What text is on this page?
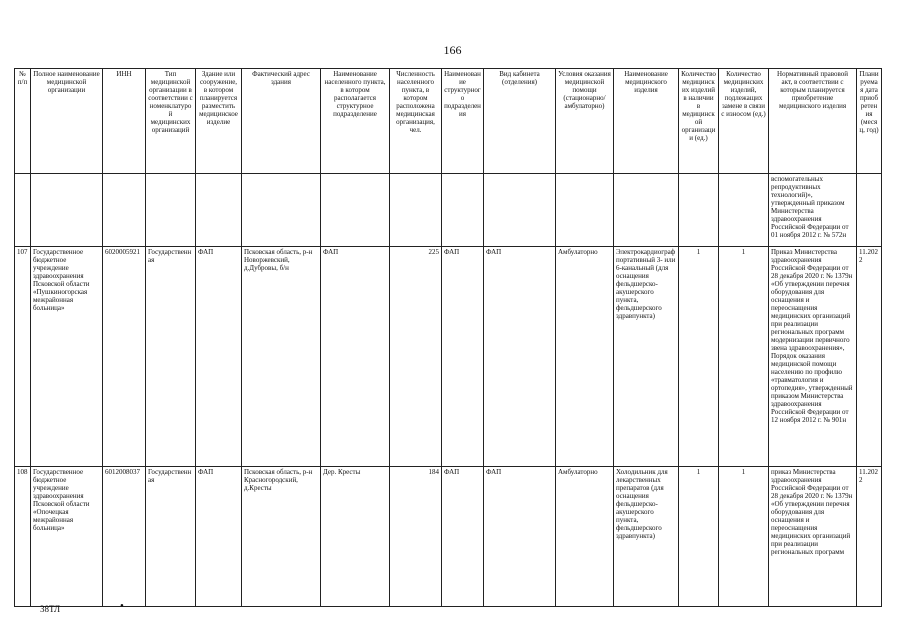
166
№ п/п	Полное наименование медицинской организации	ИНН	Тип медицинской организации в соответствии с номенклатурой медицинских организаций	Здание или сооружение, в котором планируется разместить медицинское изделие	Фактический адрес здания	Наименование населенного пункта, в котором располагается структурное подразделение	Численность населенного пункта, в котором расположена медицинская организация, чел.	Наименование структурного подразделения	Вид кабинета (отделения)	Условия оказания медицинской помощи (стационарно/ амбулаторно)	Наименование медицинского изделия	Количество медицинских изделий в наличии в медицинской организации (ед.)	Количество медицинских изделий, подлежащих замене в связи с износом (ед.)	Нормативный правовой акт, в соответствии с которым планируется приобретение медицинского изделия	Планируемая дата приобретения (месяц, год)
														вспомогательных репродуктивных технологий)», утвержденный приказом Министерства здравоохранения Российской Федерации от 01 ноября 2012 г. № 572н	
107	Государственное бюджетное учреждение здравоохранения Псковской области «Пушкиногорская межрайонная больница»	6020005921	Государственная	ФАП	Псковская область, р-н Новоржевский, д.Дубровы, б/н	ФАП	225	ФАП	ФАП	Амбулаторно	Электрокардиограф портативный 3- или 6-канальный (для оснащения фельдшерско-акушерского пункта, фельдшерского здравпункта)	1	1	Приказ Министерства здравоохранения Российской Федерации от 28 декабря 2020 г. № 1379н «Об утверждении перечня оборудования для оснащения и переоснащения медицинских организаций при реализации региональных программ модернизации первичного звена здравоохранения», Порядок оказания медицинской помощи населению по профилю «травматология и ортопедия», утвержденный приказом Министерства здравоохранения Российской Федерации от 12 ноября 2012 г. № 901н	11.2022
108	Государственное бюджетное учреждение здравоохранения Псковской области «Опочецкая межрайонная больница»	6012008037	Государственная	ФАП	Псковская область, р-н Красногородский, д.Кресты	Дер. Кресты	184	ФАП	ФАП	Амбулаторно	Холодильник для лекарственных препаратов (для оснащения фельдшерско-акушерского пункта, фельдшерского здравпункта)	1	1	приказ Министерства здравоохранения Российской Федерации от 28 декабря 2020 г. № 1379н «Об утверждении перечня оборудования для оснащения и переоснащения медицинских организаций при реализации региональных программ	11.2022
38ТЛ	•
